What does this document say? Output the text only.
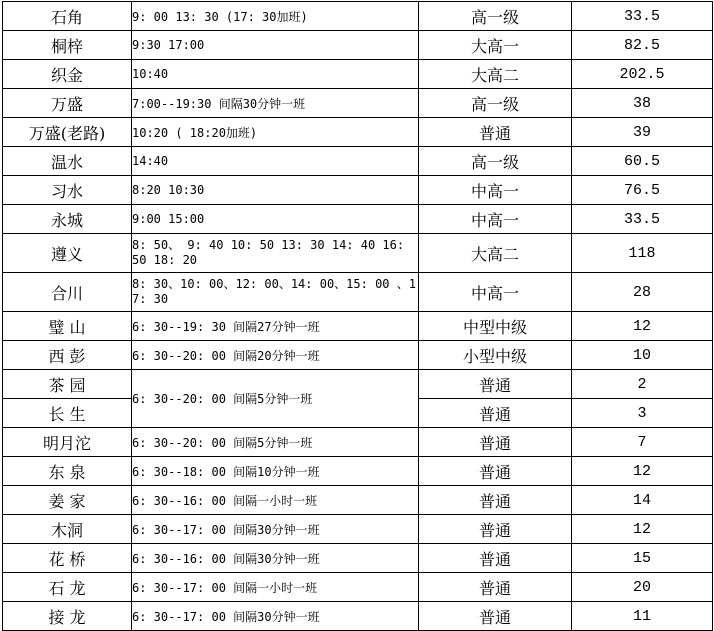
石角	9: 00 13: 30 (17: 30加班)	高一级	33.5
桐梓	9:30 17:00	大高一	82.5
织金	10:40	大高二	202.5
万盛	7:00--19:30 间隔30分钟一班	高一级	38
万盛(老路)	10:20 ( 18:20加班)	普通	39
温水	14:40	高一级	60.5
习水	8:20 10:30	中高一	76.5
永城	9:00 15:00	中高一	33.5
遵义	8: 50、 9: 40 10: 50 13: 30 14: 40 16: 50 18: 20	大高二	118
合川	8: 30、10: 00、12: 00、14: 00、15: 00 、17: 30	中高一	28
璧 山	6: 30--19: 30 间隔27分钟一班	中型中级	12
西 彭	6: 30--20: 00 间隔20分钟一班	小型中级	10
茶 园	6: 30--20: 00 间隔5分钟一班	普通	2
长 生		普通	3
明月沱	6: 30--20: 00 间隔5分钟一班	普通	7
东 泉	6: 30--18: 00 间隔10分钟一班	普通	12
姜 家	6: 30--16: 00 间隔一小时一班	普通	14
木洞	6: 30--17: 00 间隔30分钟一班	普通	12
花 桥	6: 30--16: 00 间隔30分钟一班	普通	15
石 龙	6: 30--17: 00 间隔一小时一班	普通	20
接 龙	6: 30--17: 00 间隔30分钟一班	普通	11
